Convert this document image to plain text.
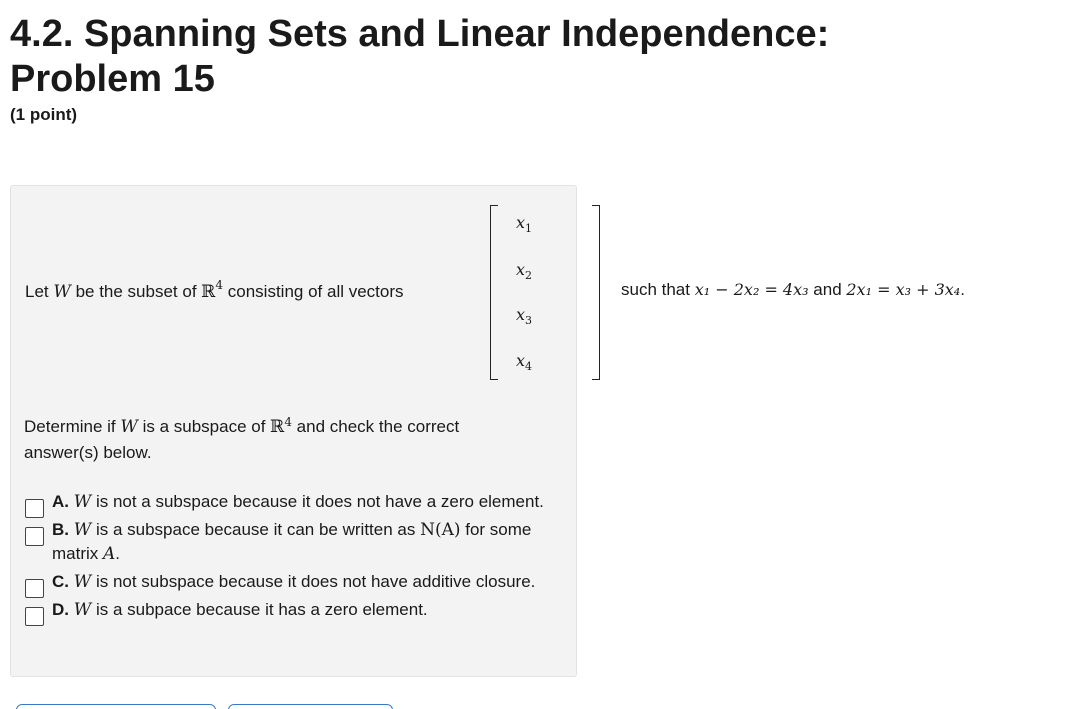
4.2. Spanning Sets and Linear Independence: Problem 15
(1 point)
Let W be the subset of ℝ$^4$ consisting of all vectors
$x_1$
$x_2$
$x_3$
$x_4$
such that x₁ − 2x₂ = 4x₃ and 2x₁ = x₃ + 3x₄.
Determine if W is a subspace of ℝ$^4$ and check the correct answer(s) below.
A. W is not a subspace because it does not have a zero element.
B. W is a subspace because it can be written as N(A) for some matrix A.
C. W is not subspace because it does not have additive closure.
D. W is a subpace because it has a zero element.
